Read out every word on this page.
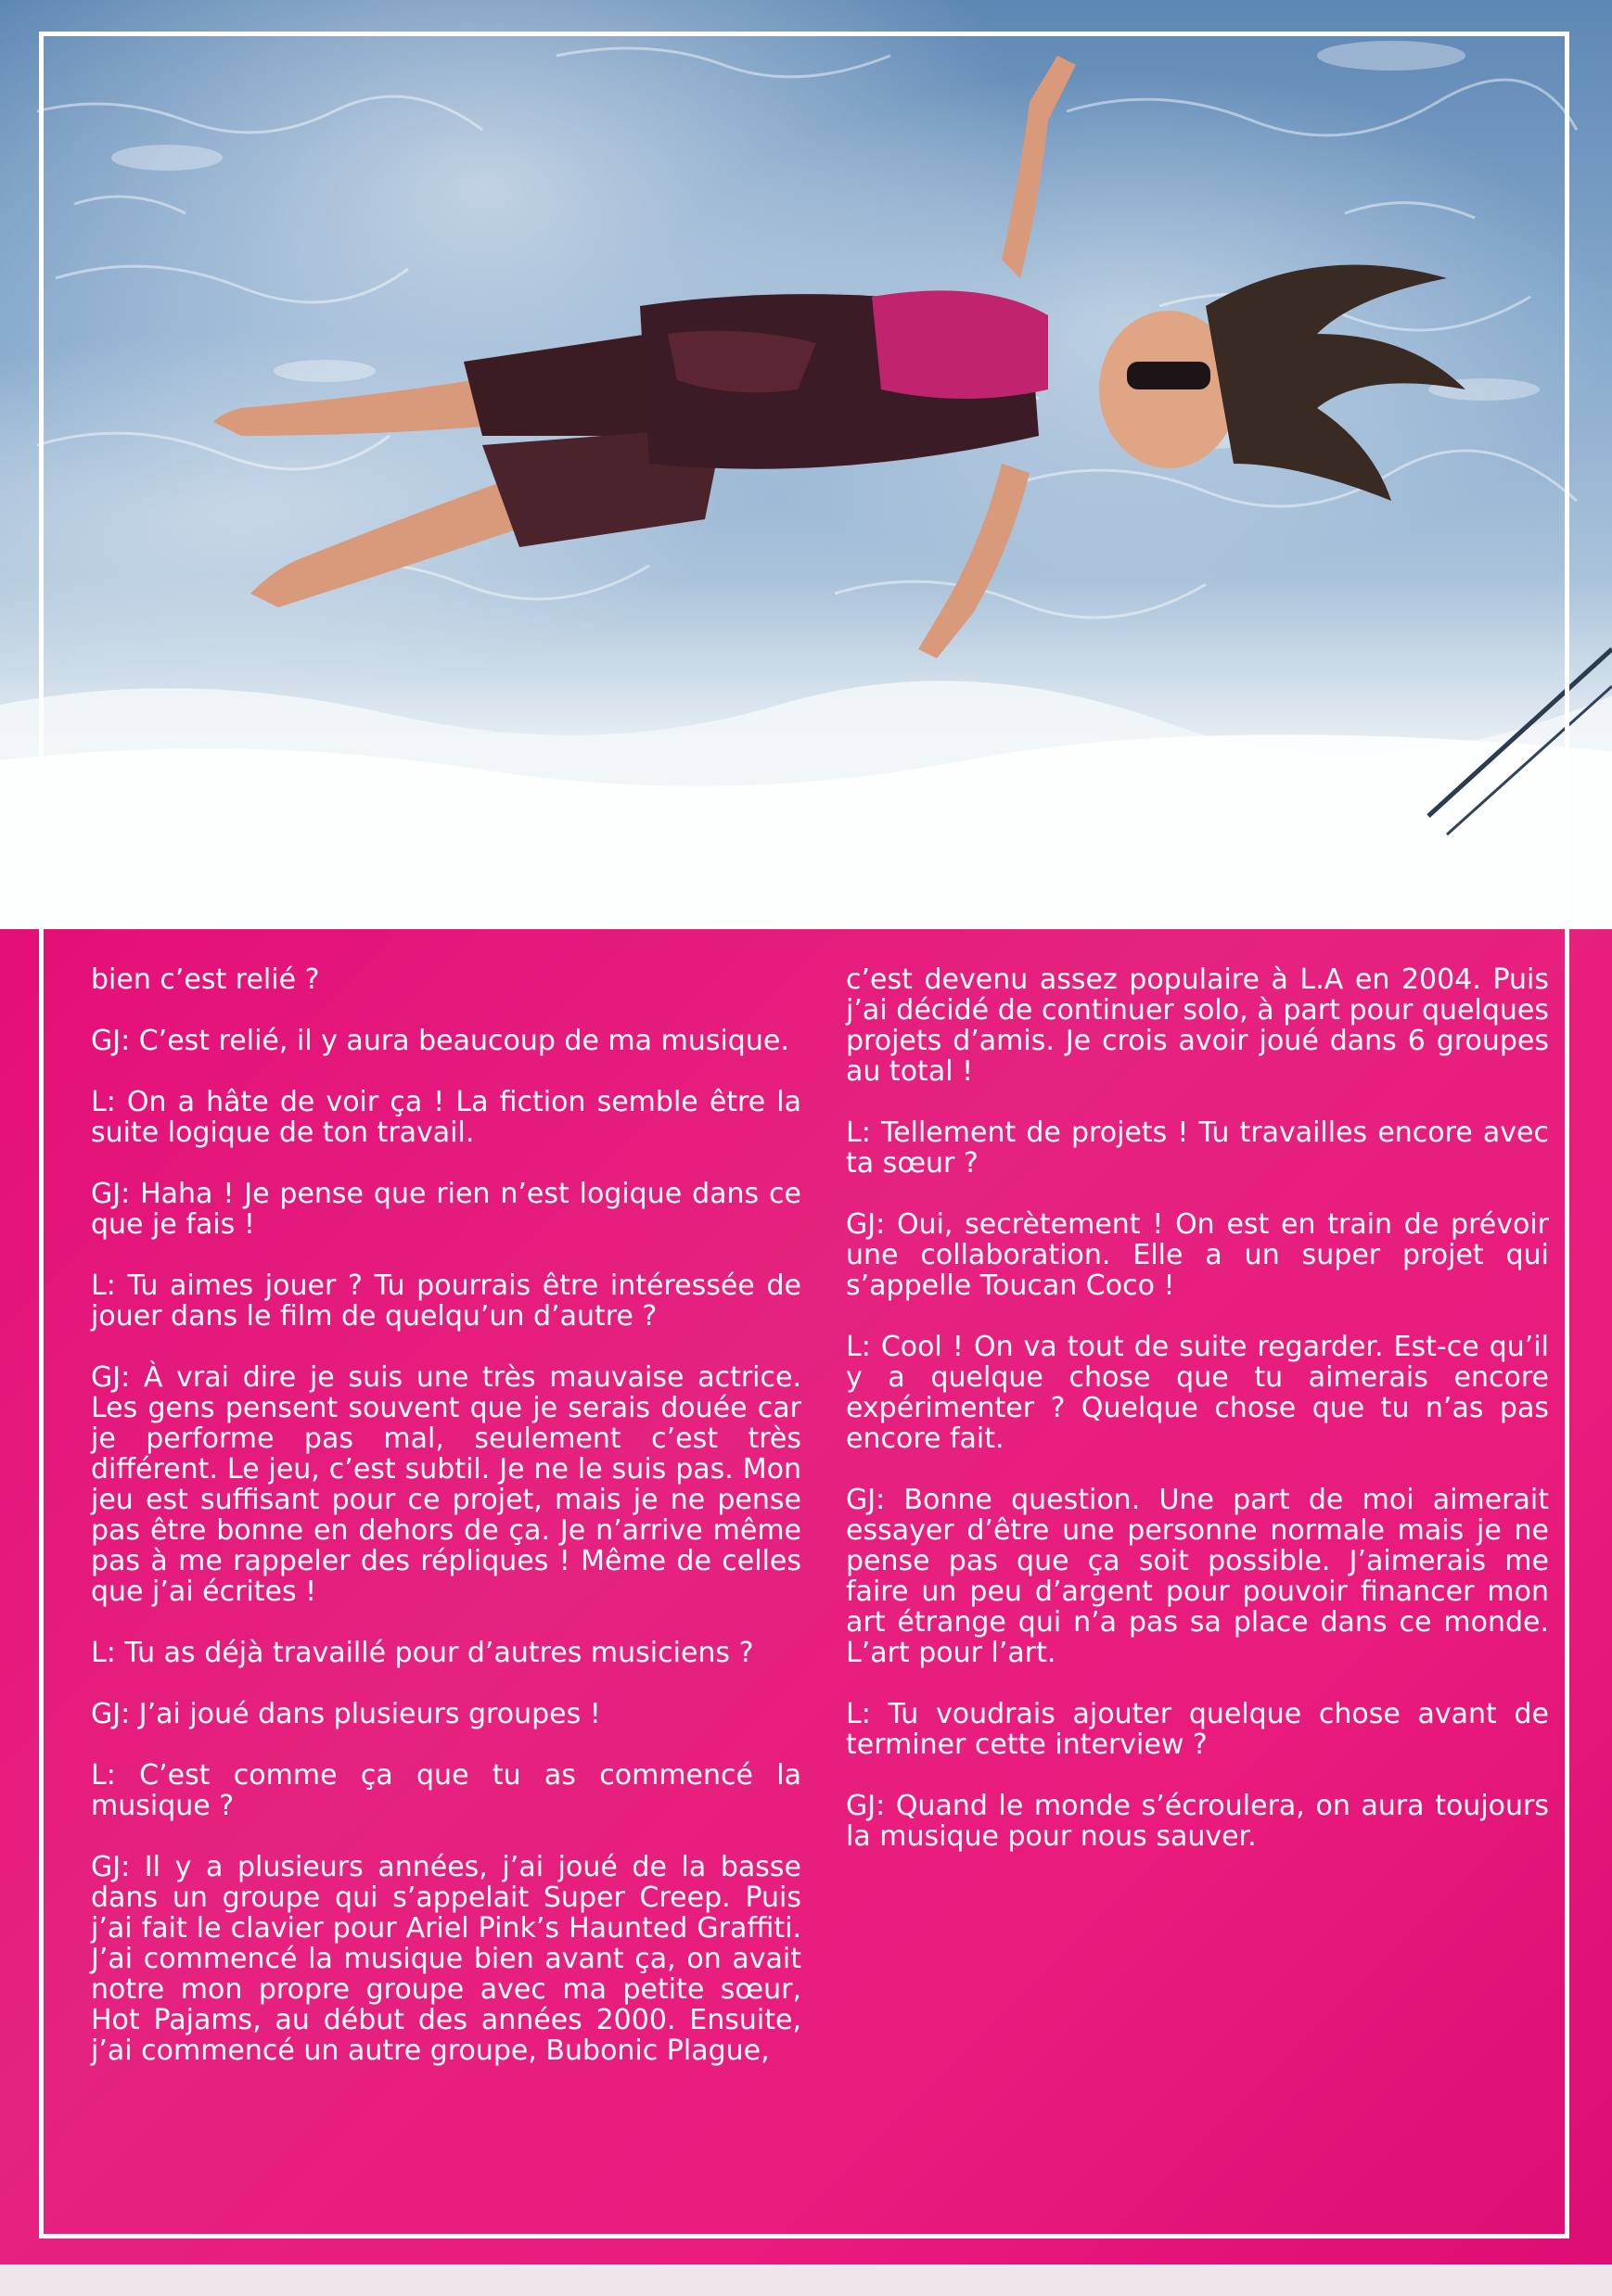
bien c’est relié ?

GJ: C’est relié, il y aura beaucoup de ma musique.

L: On a hâte de voir ça ! La fiction semble être la suite logique de ton travail.

GJ: Haha ! Je pense que rien n’est logique dans ce que je fais !

L: Tu aimes jouer ? Tu pourrais être intéressée de jouer dans le film de quelqu’un d’autre ?

GJ: À vrai dire je suis une très mauvaise actrice. Les gens pensent souvent que je serais douée car je performe pas mal, seulement c’est très différent. Le jeu, c’est subtil. Je ne le suis pas. Mon jeu est suffisant pour ce projet, mais je ne pense pas être bonne en dehors de ça. Je n’arrive même pas à me rappeler des répliques ! Même de celles que j’ai écrites !

L: Tu as déjà travaillé pour d’autres musiciens ?

GJ: J’ai joué dans plusieurs groupes !

L: C’est comme ça que tu as commencé la musique ?

GJ: Il y a plusieurs années, j’ai joué de la basse dans un groupe qui s’appelait Super Creep. Puis j’ai fait le clavier pour Ariel Pink’s Haunted Graffiti. J’ai commencé la musique bien avant ça, on avait notre mon propre groupe avec ma petite sœur, Hot Pajams, au début des années 2000. Ensuite, j’ai commencé un autre groupe, Bubonic Plague,

c’est devenu assez populaire à L.A en 2004. Puis j’ai décidé de continuer solo, à part pour quelques projets d’amis. Je crois avoir joué dans 6 groupes au total !

L: Tellement de projets ! Tu travailles encore avec ta sœur ?

GJ: Oui, secrètement ! On est en train de prévoir une collaboration. Elle a un super projet qui s’appelle Toucan Coco !

L: Cool ! On va tout de suite regarder. Est-ce qu’il y a quelque chose que tu aimerais encore expérimenter ? Quelque chose que tu n’as pas encore fait.

GJ: Bonne question. Une part de moi aimerait essayer d’être une personne normale mais je ne pense pas que ça soit possible. J’aimerais me faire un peu d’argent pour pouvoir financer mon art étrange qui n’a pas sa place dans ce monde. L’art pour l’art.

L: Tu voudrais ajouter quelque chose avant de terminer cette interview ?

GJ: Quand le monde s’écroulera, on aura toujours la musique pour nous sauver.
